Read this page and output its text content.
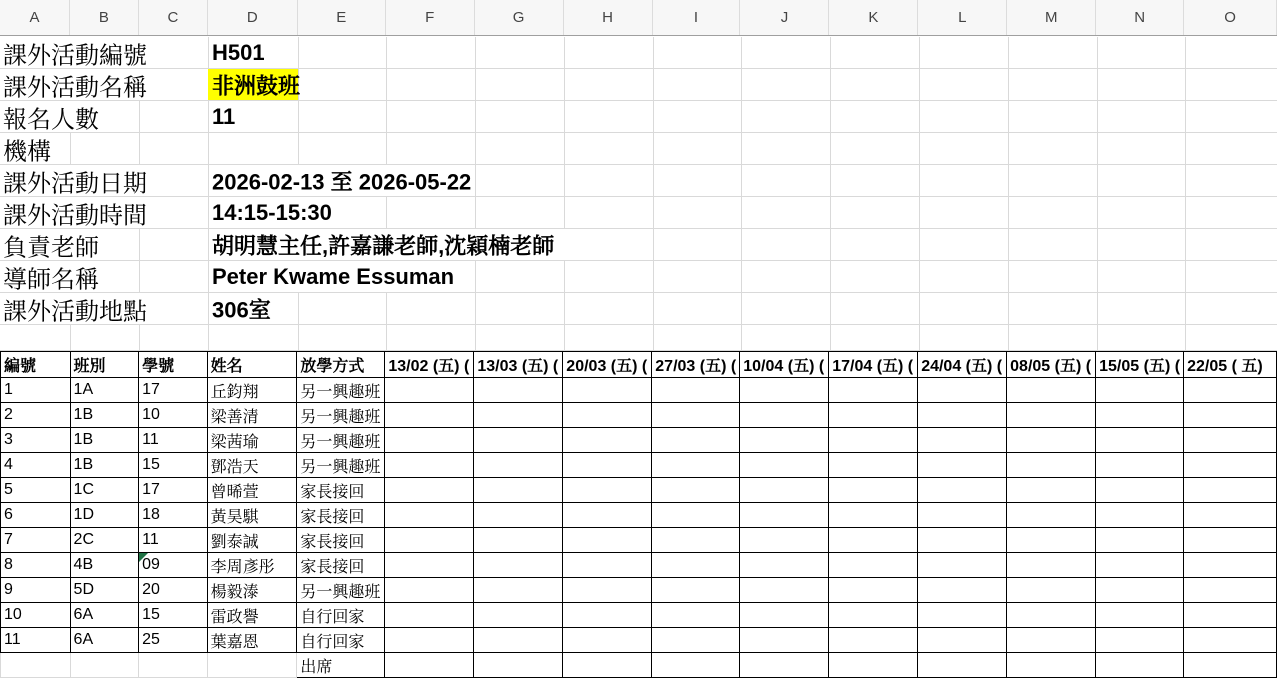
A	B	C	D	E	F	G	H	I	J	K	L	M	N	O
課外活動編號	H501
課外活動名稱	非洲鼓班
報名人數	11
機構
課外活動日期	2026-02-13 至 2026-05-22
課外活動時間	14:15-15:30
負責老師	胡明慧主任,許嘉謙老師,沈穎楠老師
導師名稱	Peter Kwame Essuman
課外活動地點	306室
編號	班別	學號	姓名	放學方式	13/02 (五) (	13/03 (五) (	20/03 (五) (	27/03 (五) (	10/04 (五) (	17/04 (五) (	24/04 (五) (	08/05 (五) (	15/05 (五) (	22/05 ( 五)
1	1A	17	丘鈞翔	另一興趣班										
2	1B	10	梁善清	另一興趣班										
3	1B	11	梁茜瑜	另一興趣班										
4	1B	15	鄧浩天	另一興趣班										
5	1C	17	曾晞萱	家長接回										
6	1D	18	黃昊騏	家長接回										
7	2C	11	劉泰誠	家長接回										
8	4B	09	李周彥彤	家長接回										
9	5D	20	楊毅溙	另一興趣班										
10	6A	15	雷政譽	自行回家										
11	6A	25	葉嘉恩	自行回家										
				出席										
